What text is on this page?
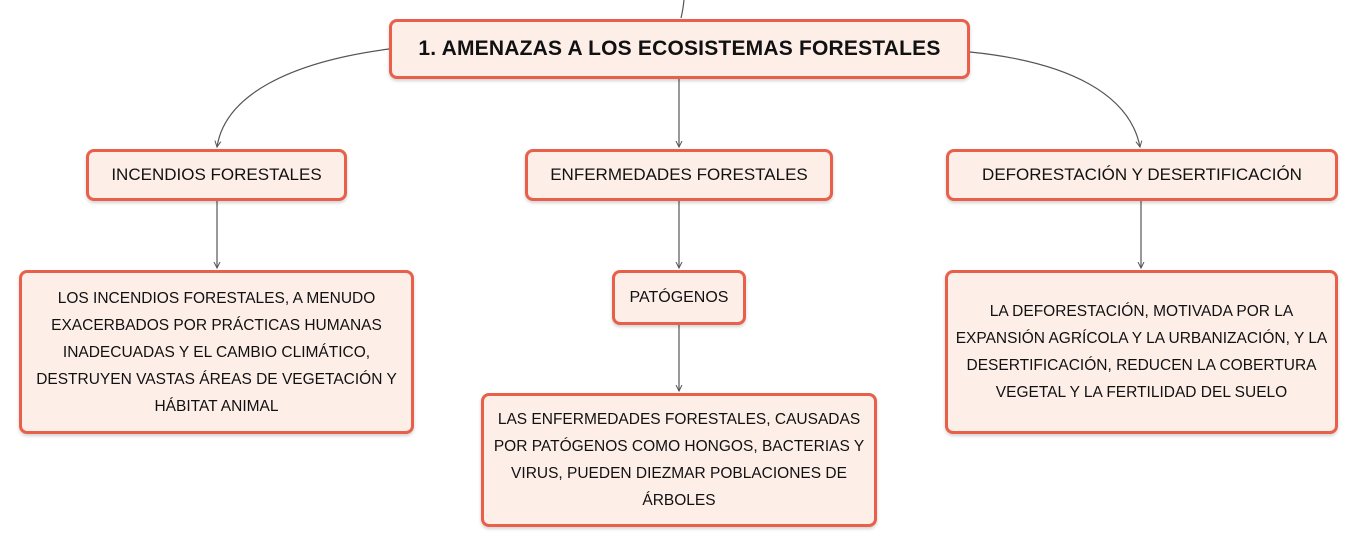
1. AMENAZAS A LOS ECOSISTEMAS FORESTALES
INCENDIOS FORESTALES	ENFERMEDADES FORESTALES	DEFORESTACIÓN Y DESERTIFICACIÓN
PATÓGENOS
LOS INCENDIOS FORESTALES, A MENUDO EXACERBADOS POR PRÁCTICAS HUMANAS INADECUADAS Y EL CAMBIO CLIMÁTICO, DESTRUYEN VASTAS ÁREAS DE VEGETACIÓN Y HÁBITAT ANIMAL
LAS ENFERMEDADES FORESTALES, CAUSADAS POR PATÓGENOS COMO HONGOS, BACTERIAS Y VIRUS, PUEDEN DIEZMAR POBLACIONES DE ÁRBOLES
LA DEFORESTACIÓN, MOTIVADA POR LA EXPANSIÓN AGRÍCOLA Y LA URBANIZACIÓN, Y LA DESERTIFICACIÓN, REDUCEN LA COBERTURA VEGETAL Y LA FERTILIDAD DEL SUELO
